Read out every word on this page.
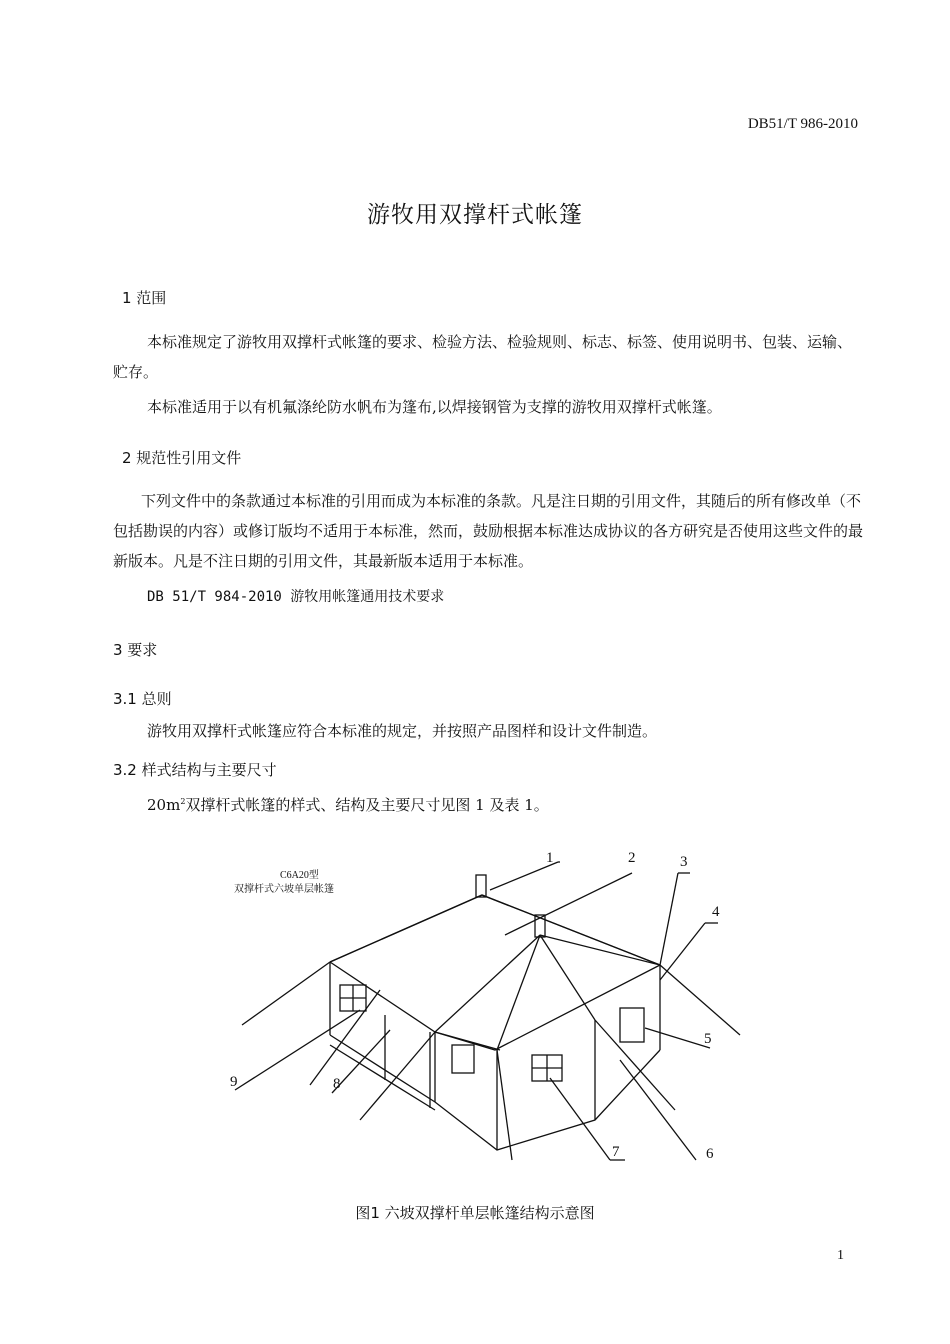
DB51/T 986-2010
游牧用双撑杆式帐篷
1 范围
本标准规定了游牧用双撑杆式帐篷的要求、检验方法、检验规则、标志、标签、使用说明书、包装、运输、贮存。
本标准适用于以有机氟涤纶防水帆布为篷布,以焊接钢管为支撑的游牧用双撑杆式帐篷。
2 规范性引用文件
下列文件中的条款通过本标准的引用而成为本标准的条款。凡是注日期的引用文件，其随后的所有修改单（不包括勘误的内容）或修订版均不适用于本标准，然而，鼓励根据本标准达成协议的各方研究是否使用这些文件的最新版本。凡是不注日期的引用文件，其最新版本适用于本标准。
DB 51/T 984-2010 游牧用帐篷通用技术要求
3 要求
3.1 总则
游牧用双撑杆式帐篷应符合本标准的规定，并按照产品图样和设计文件制造。
3.2 样式结构与主要尺寸
$20m^2$双撑杆式帐篷的样式、结构及主要尺寸见图 1 及表 1。
1	2	3
4
5
6
7
8
9
C6A20型
双撑杆式六坡单层帐篷
图1 六坡双撑杆单层帐篷结构示意图
1
